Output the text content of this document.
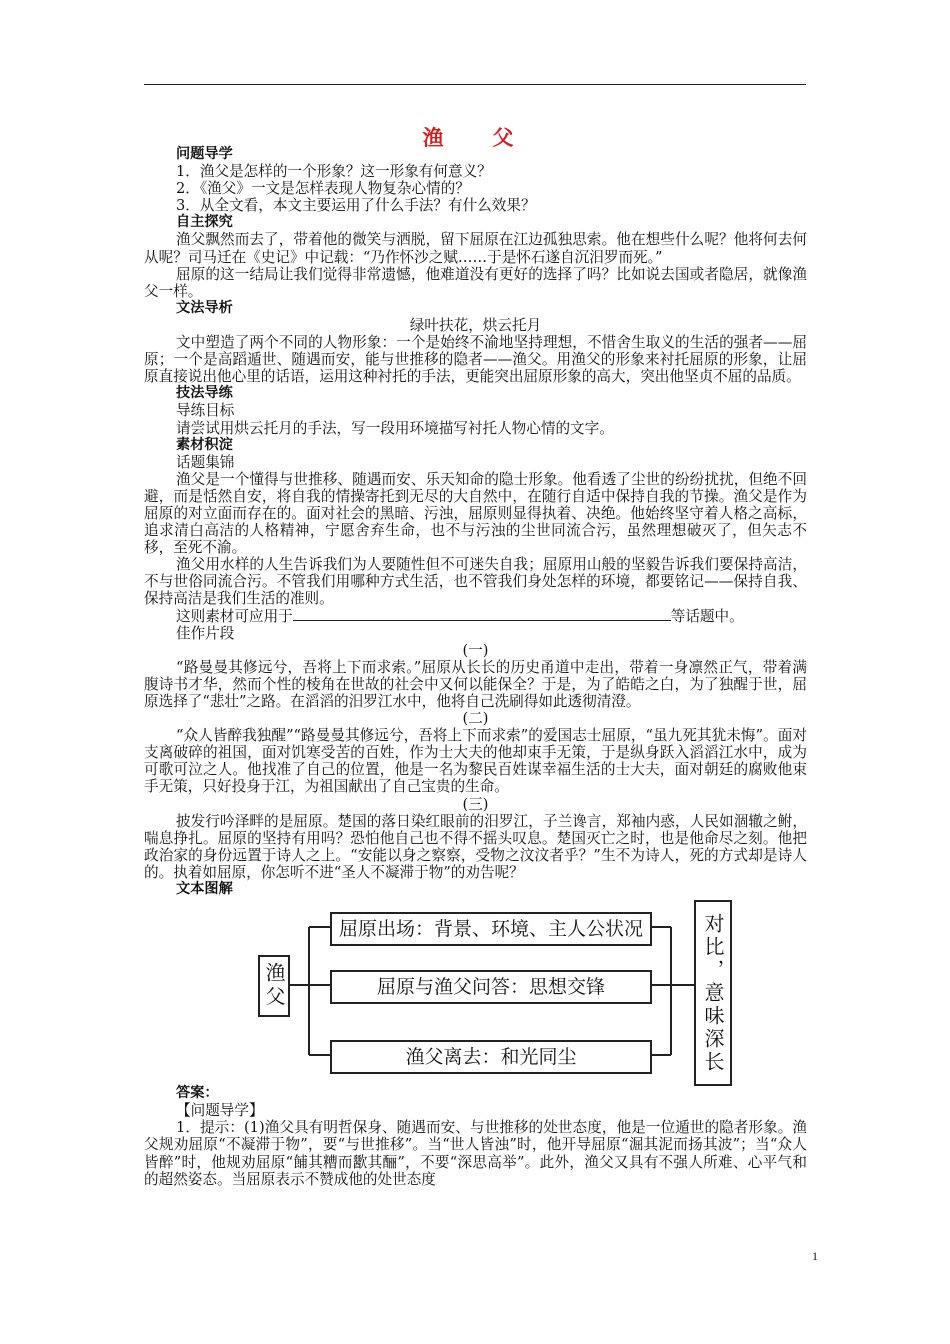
渔　父

问题导学

1．渔父是怎样的一个形象？这一形象有何意义？

2．《渔父》一文是怎样表现人物复杂心情的？

3．从全文看，本文主要运用了什么手法？有什么效果？

自主探究

渔父飘然而去了，带着他的微笑与洒脱，留下屈原在江边孤独思索。他在想些什么呢？他将何去何从呢？司马迁在《史记》中记载：“乃作怀沙之赋……于是怀石遂自沉汨罗而死。”

屈原的这一结局让我们觉得非常遗憾，他难道没有更好的选择了吗？比如说去国或者隐居，就像渔父一样。

文法导析

绿叶扶花，烘云托月

文中塑造了两个不同的人物形象：一个是始终不渝地坚持理想，不惜舍生取义的生活的强者——屈原；一个是高蹈遁世、随遇而安，能与世推移的隐者——渔父。用渔父的形象来衬托屈原的形象，让屈原直接说出他心里的话语，运用这种衬托的手法，更能突出屈原形象的高大，突出他坚贞不屈的品质。

技法导练

导练目标

请尝试用烘云托月的手法，写一段用环境描写衬托人物心情的文字。

素材积淀

话题集锦

渔父是一个懂得与世推移、随遇而安、乐天知命的隐士形象。他看透了尘世的纷纷扰扰，但绝不回避，而是恬然自安，将自我的情操寄托到无尽的大自然中，在随行自适中保持自我的节操。渔父是作为屈原的对立面而存在的。面对社会的黑暗、污浊，屈原则显得执着、决绝。他始终坚守着人格之高标，追求清白高洁的人格精神，宁愿舍弃生命，也不与污浊的尘世同流合污，虽然理想破灭了，但矢志不移，至死不渝。

渔父用水样的人生告诉我们为人要随性但不可迷失自我；屈原用山般的坚毅告诉我们要保持高洁，不与世俗同流合污。不管我们用哪种方式生活，也不管我们身处怎样的环境，都要铭记——保持自我、保持高洁是我们生活的准则。

这则素材可应用于	等话题中。

佳作片段

(一)

“路曼曼其修远兮，吾将上下而求索。”屈原从长长的历史甬道中走出，带着一身凛然正气，带着满腹诗书才华，然而个性的棱角在世故的社会中又何以能保全？于是，为了皓皓之白，为了独醒于世，屈原选择了“悲壮”之路。在滔滔的汨罗江水中，他将自己洗刷得如此透彻清澄。

(二)

“众人皆醉我独醒”“路曼曼其修远兮，吾将上下而求索”的爱国志士屈原，“虽九死其犹未悔”。面对支离破碎的祖国，面对饥寒受苦的百姓，作为士大夫的他却束手无策，于是纵身跃入滔滔江水中，成为可歌可泣之人。他找准了自己的位置，他是一名为黎民百姓谋幸福生活的士大夫，面对朝廷的腐败他束手无策，只好投身于江，为祖国献出了自己宝贵的生命。

(三)

披发行吟泽畔的是屈原。楚国的落日染红眼前的汨罗江，子兰谗言，郑袖内惑，人民如涸辙之鲋，喘息挣扎。屈原的坚持有用吗？恐怕他自己也不得不摇头叹息。楚国灭亡之时，也是他命尽之刻。他把政治家的身份远置于诗人之上。“安能以身之察察，受物之汶汶者乎？”生不为诗人，死的方式却是诗人的。执着如屈原，你怎听不进“圣人不凝滞于物”的劝告呢？

文本图解

渔父
屈原出场：背景、环境、主人公状况
屈原与渔父问答：思想交锋
渔父离去：和光同尘	对比，意味深长

答案：

【问题导学】

1．提示：(1)渔父具有明哲保身、随遇而安、与世推移的处世态度，他是一位遁世的隐者形象。渔父规劝屈原“不凝滞于物”，要“与世推移”。当“世人皆浊”时，他开导屈原“淈其泥而扬其波”；当“众人皆醉”时，他规劝屈原“餔其糟而歠其酾”，不要“深思高举”。此外，渔父又具有不强人所难、心平气和的超然姿态。当屈原表示不赞成他的处世态度

1
